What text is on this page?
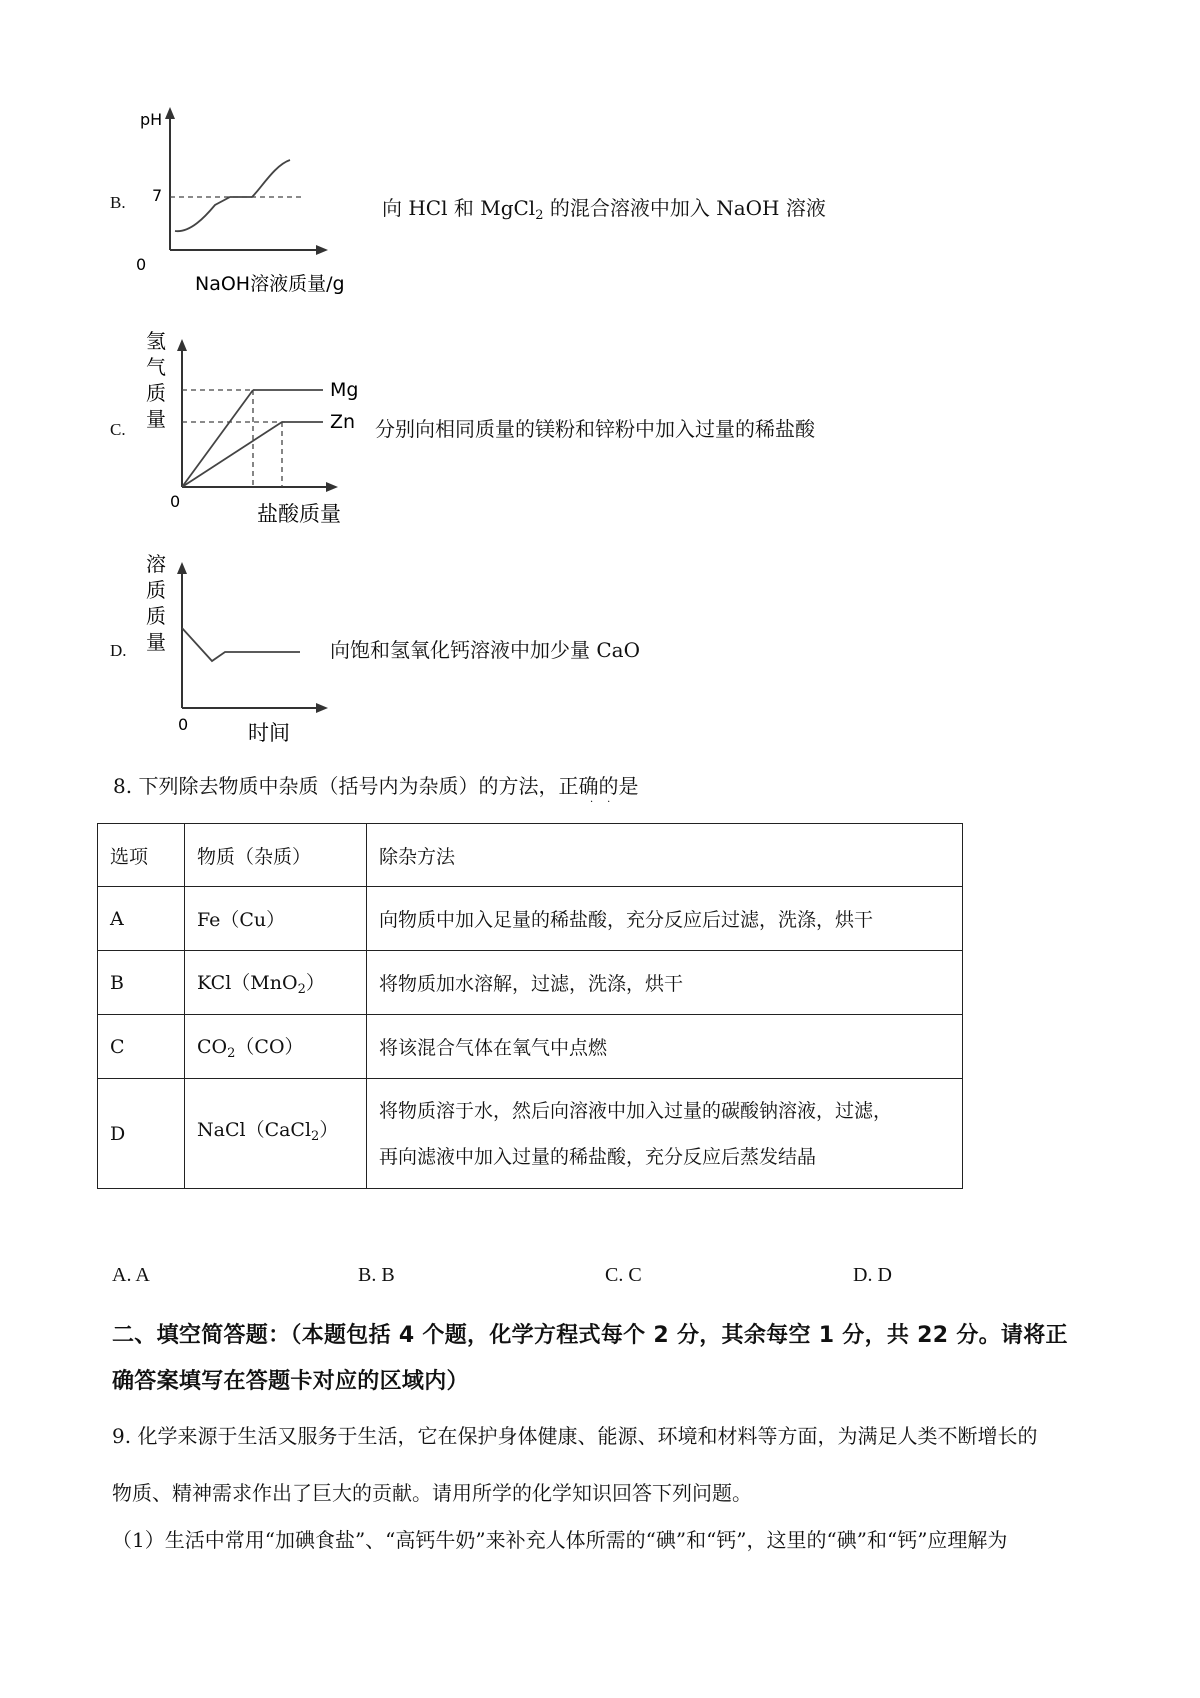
B.
pH
7
0
NaOH溶液质量/g
向 HCl 和 MgCl$_2$ 的混合溶液中加入 NaOH 溶液
C.
氢
气
质
量
Mg
Zn
0
盐酸质量
分别向相同质量的镁粉和锌粉中加入过量的稀盐酸
D.
溶
质
质
量
0	时间
向饱和氢氧化钙溶液中加少量 CaO
8. 下列除去物质中杂质（括号内为杂质）的方法，正确的是
··
选项	物质（杂质）	除杂方法
A	Fe（Cu）	向物质中加入足量的稀盐酸，充分反应后过滤，洗涤，烘干
B	KCl（MnO$_2$）	将物质加水溶解，过滤，洗涤，烘干
C	$CO_2(CO)$	将该混合气体在氧气中点燃
D	NaCl（CaCl$_2$）	将物质溶于水，然后向溶液中加入过量的碳酸钠溶液，过滤，
再向滤液中加入过量的稀盐酸，充分反应后蒸发结晶
A. A	B. B	C. C	D. D
二、填空简答题：（本题包括 4 个题，化学方程式每个 2 分，其余每空 1 分，共 22 分。请将正
确答案填写在答题卡对应的区域内）
9. 化学来源于生活又服务于生活，它在保护身体健康、能源、环境和材料等方面，为满足人类不断增长的
物质、精神需求作出了巨大的贡献。请用所学的化学知识回答下列问题。
（1）生活中常用“加碘食盐”、“高钙牛奶”来补充人体所需的“碘”和“钙”，这里的“碘”和“钙”应理解为
